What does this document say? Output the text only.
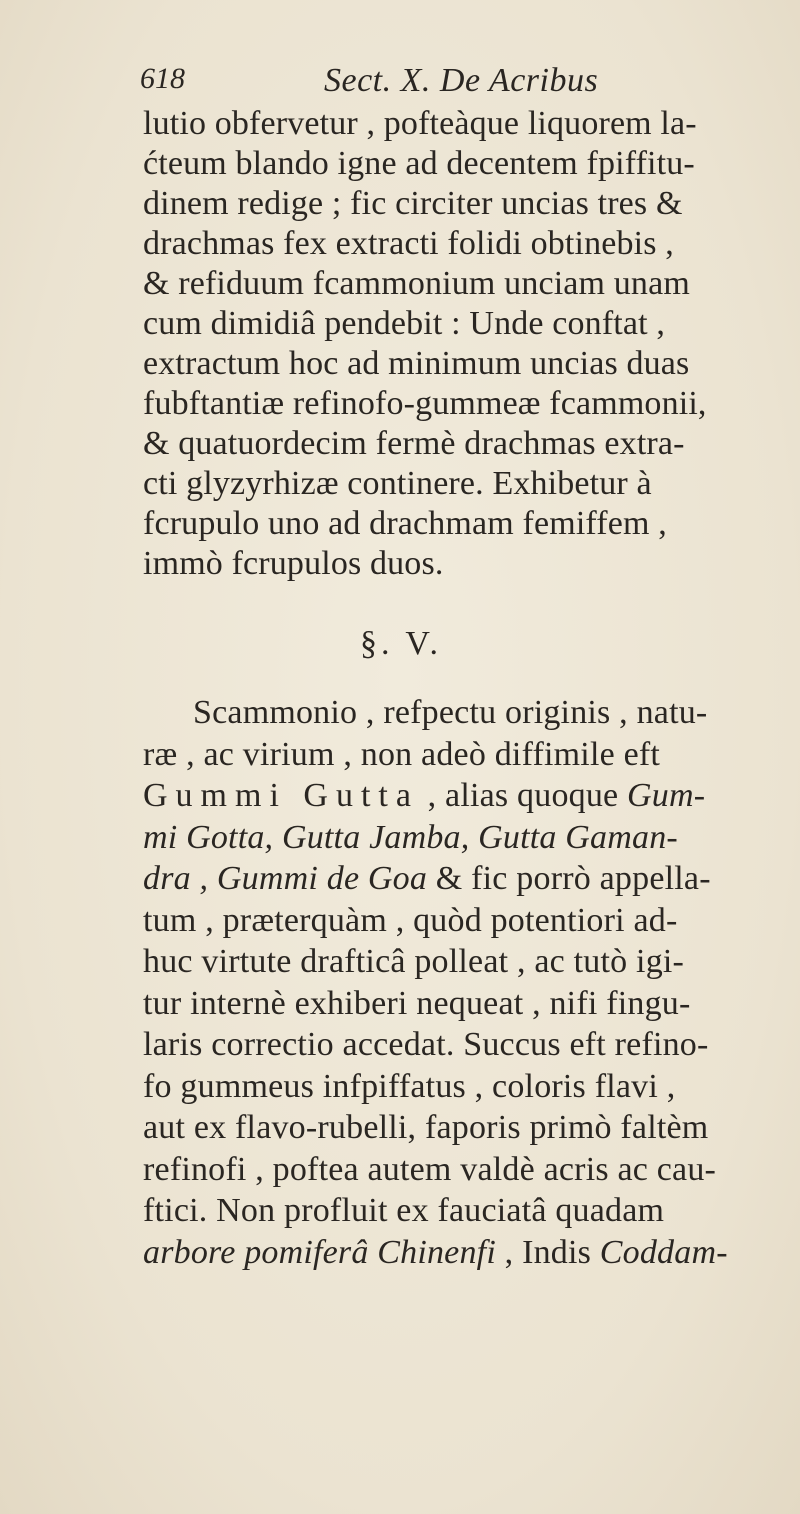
618	Sect. X. De Acribus
lutio obfervetur , pofteàque liquorem la-
ćteum blando igne ad decentem fpiffitu-
dinem redige ; fic circiter uncias tres &
drachmas fex extracti folidi obtinebis ,
& refiduum fcammonium unciam unam
cum dimidiâ pendebit : Unde conftat ,
extractum hoc ad minimum uncias duas
fubftantiæ refinofo-gummeæ fcammonii,
& quatuordecim fermè drachmas extra-
cti glyzyrhizæ continere. Exhibetur à
fcrupulo uno ad drachmam femiffem ,
immò fcrupulos duos.
§. V.
Scammonio , refpectu originis , natu-
ræ , ac virium , non adeò diffimile eft
Gummi Gutta , alias quoque Gum-
mi Gotta, Gutta Jamba, Gutta Gaman-
dra , Gummi de Goa & fic porrò appella-
tum , præterquàm , quòd potentiori ad-
huc virtute drafticâ polleat , ac tutò igi-
tur internè exhiberi nequeat , nifi fingu-
laris correctio accedat. Succus eft refino-
fo gummeus infpiffatus , coloris flavi ,
aut ex flavo-rubelli, faporis primò faltèm
refinofi , poftea autem valdè acris ac cau-
ftici. Non profluit ex fauciatâ quadam
arbore pomiferâ Chinenfi , Indis Coddam-
